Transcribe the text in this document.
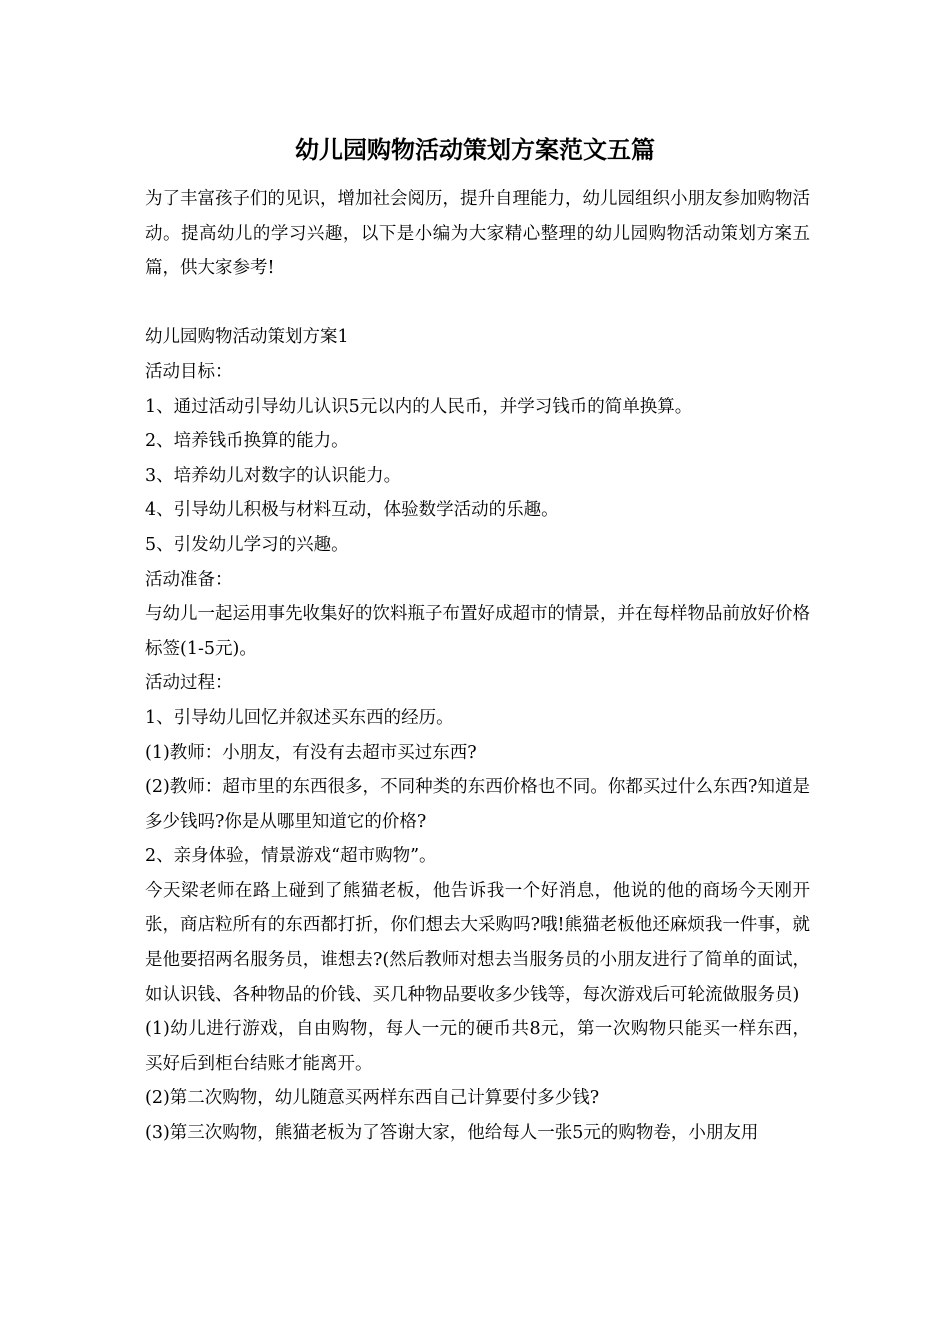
幼儿园购物活动策划方案范文五篇

为了丰富孩子们的见识，增加社会阅历，提升自理能力，幼儿园组织小朋友参加购物活动。提高幼儿的学习兴趣，以下是小编为大家精心整理的幼儿园购物活动策划方案五篇，供大家参考!

幼儿园购物活动策划方案1

活动目标：

1、通过活动引导幼儿认识5元以内的人民币，并学习钱币的简单换算。

2、培养钱币换算的能力。

3、培养幼儿对数字的认识能力。

4、引导幼儿积极与材料互动，体验数学活动的乐趣。

5、引发幼儿学习的兴趣。

活动准备：

与幼儿一起运用事先收集好的饮料瓶子布置好成超市的情景，并在每样物品前放好价格标签(1-5元)。

活动过程：

1、引导幼儿回忆并叙述买东西的经历。

(1)教师：小朋友，有没有去超市买过东西?

(2)教师：超市里的东西很多，不同种类的东西价格也不同。你都买过什么东西?知道是多少钱吗?你是从哪里知道它的价格?

2、亲身体验，情景游戏“超市购物”。

今天梁老师在路上碰到了熊猫老板，他告诉我一个好消息，他说的他的商场今天刚开张，商店粒所有的东西都打折，你们想去大采购吗?哦!熊猫老板他还麻烦我一件事，就是他要招两名服务员，谁想去?(然后教师对想去当服务员的小朋友进行了简单的面试，如认识钱、各种物品的价钱、买几种物品要收多少钱等，每次游戏后可轮流做服务员)

(1)幼儿进行游戏，自由购物，每人一元的硬币共8元，第一次购物只能买一样东西，买好后到柜台结账才能离开。

(2)第二次购物，幼儿随意买两样东西自己计算要付多少钱?

(3)第三次购物，熊猫老板为了答谢大家，他给每人一张5元的购物卷，小朋友用
